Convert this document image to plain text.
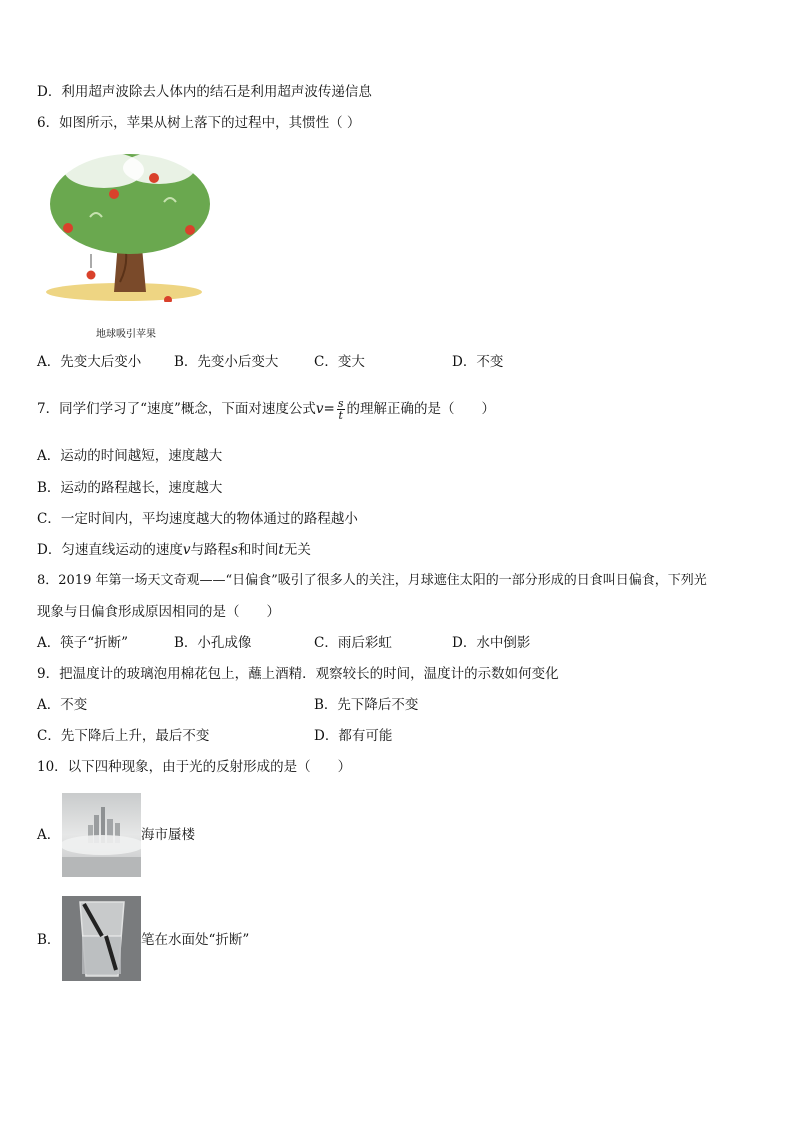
D．利用超声波除去人体内的结石是利用超声波传递信息
6．如图所示，苹果从树上落下的过程中，其惯性（ ）
地球吸引苹果
A．先变大后变小 B．先变小后变大	C．变大	D．不变
7．同学们学习了“速度”概念，下面对速度公式$v= \frac{s}{t}$ 的理解正确的是（　　）
A．运动的时间越短，速度越大
B．运动的路程越长，速度越大
C．一定时间内，平均速度越大的物体通过的路程越小
D．匀速直线运动的速度v与路程s和时间t无关
8．2019 年第一场天文奇观——“日偏食”吸引了很多人的关注，月球遮住太阳的一部分形成的日食叫日偏食，下列光
现象与日偏食形成原因相同的是（　　）
A．筷子“折断”	B．小孔成像	C．雨后彩虹	D．水中倒影
9．把温度计的玻璃泡用棉花包上，蘸上酒精．观察较长的时间，温度计的示数如何变化
A．不变	B．先下降后不变
C．先下降后上升，最后不变	D．都有可能
10．以下四种现象，由于光的反射形成的是（　　）
A．	海市蜃楼
B．	笔在水面处“折断”
